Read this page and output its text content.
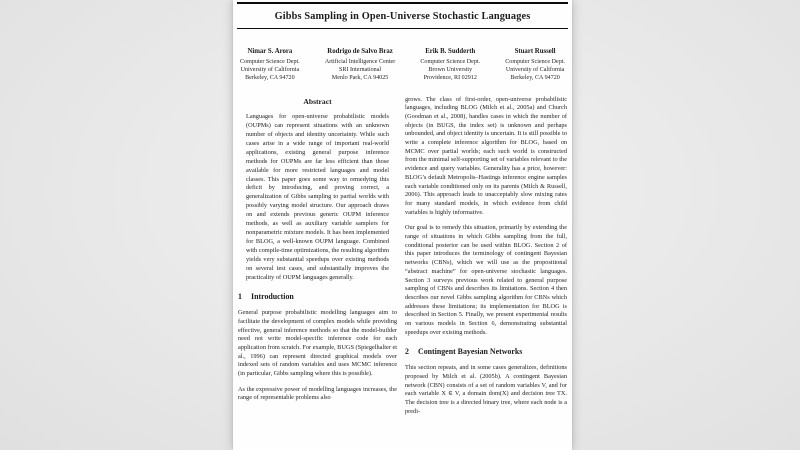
Gibbs Sampling in Open-Universe Stochastic Languages
Nimar S. Arora
Computer Science Dept.
University of California
Berkeley, CA 94720
Rodrigo de Salvo Braz
Artificial Intelligence Center
SRI International
Menlo Park, CA 94025
Erik B. Sudderth
Computer Science Dept.
Brown University
Providence, RI 02912
Stuart Russell
Computer Science Dept.
University of California
Berkeley, CA 94720
Abstract
Languages for open-universe probabilistic models (OUPMs) can represent situations with an unknown number of objects and identity uncertainty. While such cases arise in a wide range of important real-world applications, existing general purpose inference methods for OUPMs are far less efficient than those available for more restricted languages and model classes. This paper goes some way to remedying this deficit by introducing, and proving correct, a generalization of Gibbs sampling to partial worlds with possibly varying model structure. Our approach draws on and extends previous generic OUPM inference methods, as well as auxiliary variable samplers for nonparametric mixture models. It has been implemented for BLOG, a well-known OUPM language. Combined with compile-time optimizations, the resulting algorithm yields very substantial speedups over existing methods on several test cases, and substantially improves the practicality of OUPM languages generally.
1 Introduction

General purpose probabilistic modelling languages aim to facilitate the development of complex models while providing effective, general inference methods so that the model-builder need not write model-specific inference code for each application from scratch. For example, BUGS (Spiegelhalter et al., 1996) can represent directed graphical models over indexed sets of random variables and uses MCMC inference (in particular, Gibbs sampling where this is possible).

As the expressive power of modelling languages increases, the range of representable problems also

grows. The class of first-order, open-universe probabilistic languages, including BLOG (Milch et al., 2005a) and Church (Goodman et al., 2008), handles cases in which the number of objects (in BUGS, the index set) is unknown and perhaps unbounded, and object identity is uncertain. It is still possible to write a complete inference algorithm for BLOG, based on MCMC over partial worlds; each such world is constructed from the minimal self-supporting set of variables relevant to the evidence and query variables. Generality has a price, however: BLOG’s default Metropolis–Hastings inference engine samples each variable conditioned only on its parents (Milch & Russell, 2006). This approach leads to unacceptably slow mixing rates for many standard models, in which evidence from child variables is highly informative.

Our goal is to remedy this situation, primarily by extending the range of situations in which Gibbs sampling from the full, conditional posterior can be used within BLOG. Section 2 of this paper introduces the terminology of contingent Bayesian networks (CBNs), which we will use as the propositional “abstract machine” for open-universe stochastic languages. Section 3 surveys previous work related to general purpose sampling of CBNs and describes its limitations. Section 4 then describes our novel Gibbs sampling algorithm for CBNs which addresses these limitations; its implementation for BLOG is described in Section 5. Finally, we present experimental results on various models in Section 6, demonstrating substantial speedups over existing methods.

2 Contingent Bayesian Networks

This section repeats, and in some cases generalizes, definitions proposed by Milch et al. (2005b). A contingent Bayesian network (CBN) consists of a set of random variables V, and for each variable X ∈ V, a domain dom(X) and decision tree TX. The decision tree is a directed binary tree, where each node is a predi-
